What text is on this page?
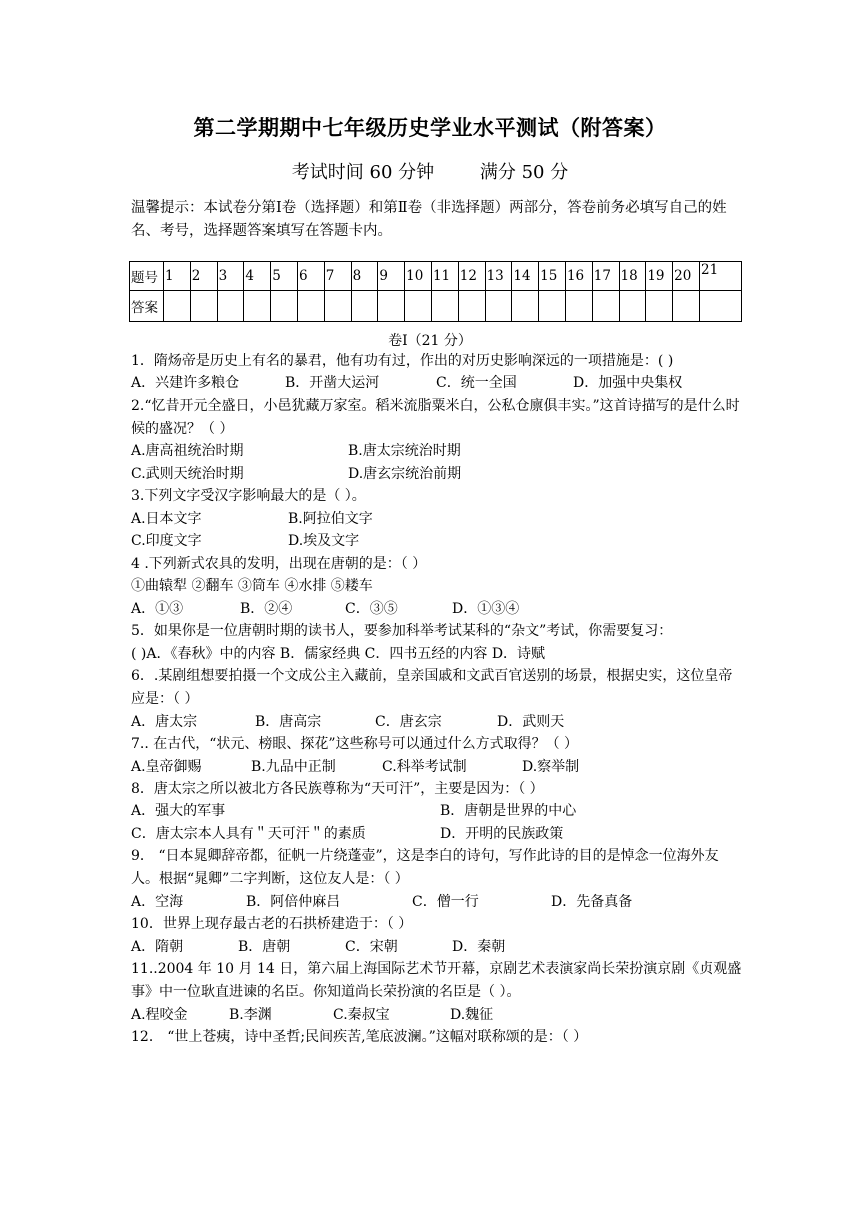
第二学期期中七年级历史学业水平测试（附答案）
考试时间 60 分钟        满分 50 分
温馨提示：本试卷分第Ⅰ卷（选择题）和第Ⅱ卷（非选择题）两部分，答卷前务必填写自己的姓名、考号，选择题答案填写在答题卡内。
题号	1	2	3	4	5	6	7	8	9	10	11	12	13	14	15	16	17	18	19	20	21
答案																					
卷Ⅰ（21 分）
1．隋炀帝是历史上有名的暴君，他有功有过，作出的对历史影响深远的一项措施是：( )
A．兴建许多粮仓	B．开凿大运河	C．统一全国	D．加强中央集权
2.“忆昔开元全盛日，小邑犹藏万家室。稻米流脂粟米白，公私仓廪俱丰实。”这首诗描写的是什么时候的盛况？（ ）
A.唐高祖统治时期	B.唐太宗统治时期
C.武则天统治时期	D.唐玄宗统治前期
3.下列文字受汉字影响最大的是（ ）。
A.日本文字	B.阿拉伯文字
C.印度文字	D.埃及文字
4 .下列新式农具的发明，出现在唐朝的是：（ ）
①曲辕犁 ②翻车 ③筒车 ④水排 ⑤耧车
A．①③	B．②④	C．③⑤	D．①③④
5．如果你是一位唐朝时期的读书人，要参加科举考试某科的“杂文”考试，你需要复习：
( )A．《春秋》中的内容 B．儒家经典 C．四书五经的内容 D．诗赋
6．.某剧组想要拍摄一个文成公主入藏前，皇亲国戚和文武百官送别的场景，根据史实，这位皇帝应是：（ ）
A．唐太宗	B．唐高宗	C．唐玄宗	D．武则天
7.. 在古代，“状元、榜眼、探花”这些称号可以通过什么方式取得？（ ）
A.皇帝御赐	B.九品中正制	C.科举考试制	D.察举制
8．唐太宗之所以被北方各民族尊称为“天可汗”，主要是因为：（ ）
A．强大的军事	B．唐朝是世界的中心
C．唐太宗本人具有＂天可汗＂的素质	D．开明的民族政策
9． “日本晁卿辞帝都，征帆一片绕蓬壶”，这是李白的诗句，写作此诗的目的是悼念一位海外友人。根据“晁卿”二字判断，这位友人是：（ ）
A．空海	B．阿倍仲麻吕	C．僧一行	D．先备真备
10．世界上现存最古老的石拱桥建造于：（ ）
A．隋朝	B．唐朝	C．宋朝	D．秦朝
11..2004 年 10 月 14 日，第六届上海国际艺术节开幕，京剧艺术表演家尚长荣扮演京剧《贞观盛事》中一位耿直进谏的名臣。你知道尚长荣扮演的名臣是（ ）。
A.程咬金	B.李渊	C.秦叔宝	D.魏征
12． “世上苍痍，诗中圣哲;民间疾苦,笔底波澜。”这幅对联称颂的是：（ ）
